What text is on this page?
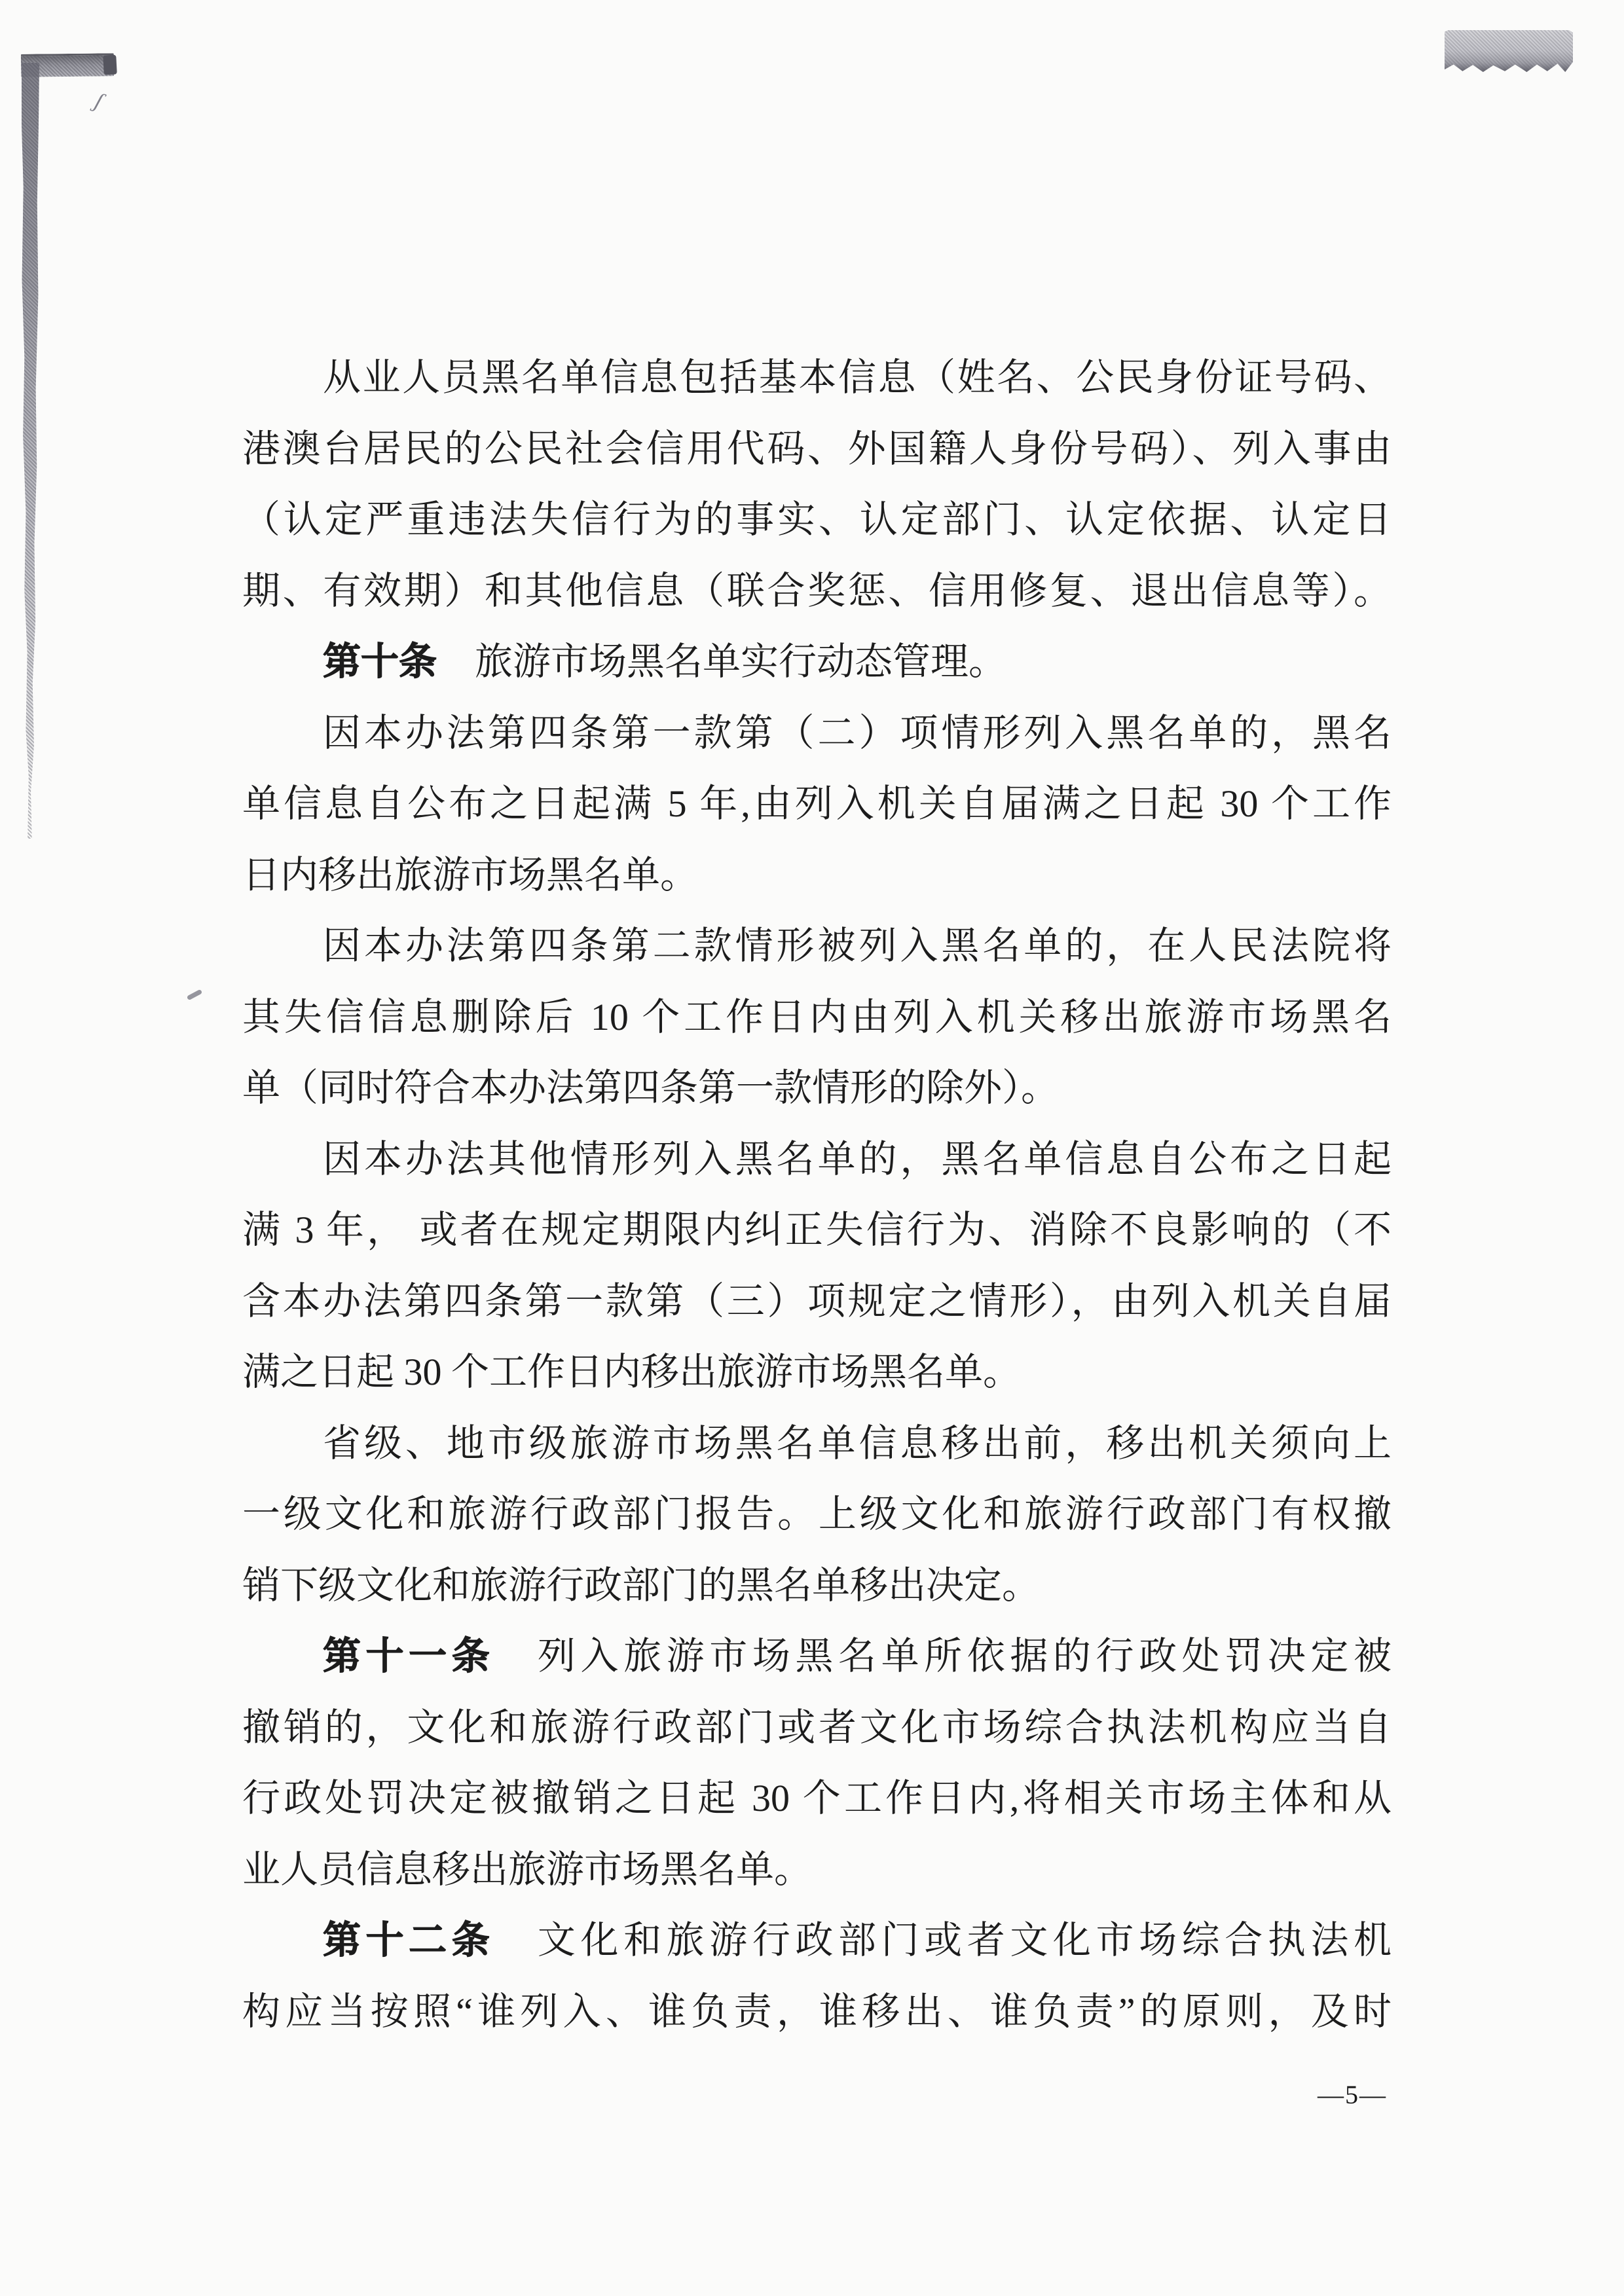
ʃ
从业人员黑名单信息包括基本信息（姓名、公民身份证号码、
港澳台居民的公民社会信用代码、外国籍人身份号码）、列入事由
（认定严重违法失信行为的事实、认定部门、认定依据、认定日
期、有效期）和其他信息（联合奖惩、信用修复、退出信息等）。
第十条　旅游市场黑名单实行动态管理。
因本办法第四条第一款第（二）项情形列入黑名单的，黑名
单信息自公布之日起满 5 年,由列入机关自届满之日起 30 个工作
日内移出旅游市场黑名单。
因本办法第四条第二款情形被列入黑名单的，在人民法院将
其失信信息删除后 10 个工作日内由列入机关移出旅游市场黑名
单（同时符合本办法第四条第一款情形的除外）。
因本办法其他情形列入黑名单的，黑名单信息自公布之日起
满 3 年， 或者在规定期限内纠正失信行为、消除不良影响的（不
含本办法第四条第一款第（三）项规定之情形），由列入机关自届
满之日起 30 个工作日内移出旅游市场黑名单。
省级、地市级旅游市场黑名单信息移出前，移出机关须向上
一级文化和旅游行政部门报告。上级文化和旅游行政部门有权撤
销下级文化和旅游行政部门的黑名单移出决定。
第十一条　列入旅游市场黑名单所依据的行政处罚决定被
撤销的，文化和旅游行政部门或者文化市场综合执法机构应当自
行政处罚决定被撤销之日起 30 个工作日内,将相关市场主体和从
业人员信息移出旅游市场黑名单。
第十二条　文化和旅游行政部门或者文化市场综合执法机
构应当按照“谁列入、谁负责，谁移出、谁负责”的原则，及时
—5—
